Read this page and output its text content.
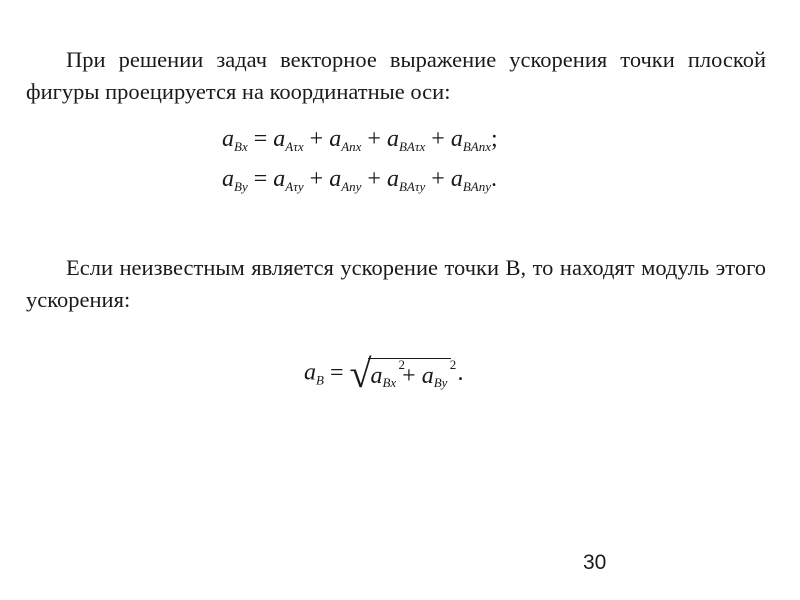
При решении задач векторное выражение ускорения точки плоской фигуры проецируется на координатные оси:

$a_{Bx} = a_{A\tau x} + a_{Anx} + a_{BA\tau x} + a_{BAnx}$;
$a_{By} = a_{A\tau y} + a_{Any} + a_{BA\tau y} + a_{BAny}$.

Если неизвестным является ускорение точки B, то находят модуль этого ускорения:

$a_B = √a$ 2
$_{Bx}$ + a 2
$_{By}$ .
30
